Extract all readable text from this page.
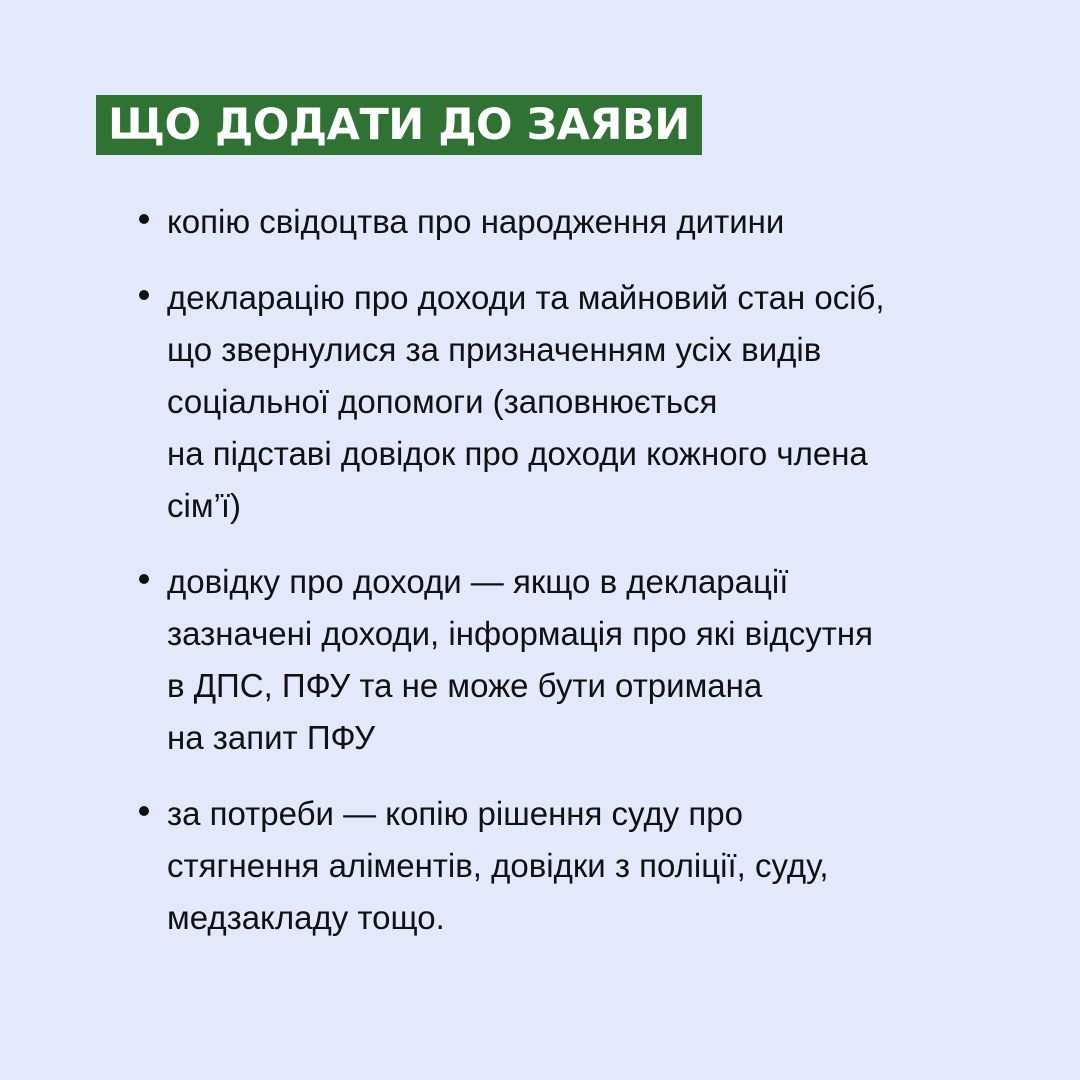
ЩО ДОДАТИ ДО ЗАЯВИ
копію свідоцтва про народження дитини
декларацію про доходи та майновий стан осіб,
що звернулися за призначенням усіх видів
соціальної допомоги (заповнюється
на підставі довідок про доходи кожного члена
сім’ї)
довідку про доходи — якщо в декларації
зазначені доходи, інформація про які відсутня
в ДПС, ПФУ та не може бути отримана
на запит ПФУ
за потреби — копію рішення суду про
стягнення аліментів, довідки з поліції, суду,
медзакладу тощо.
